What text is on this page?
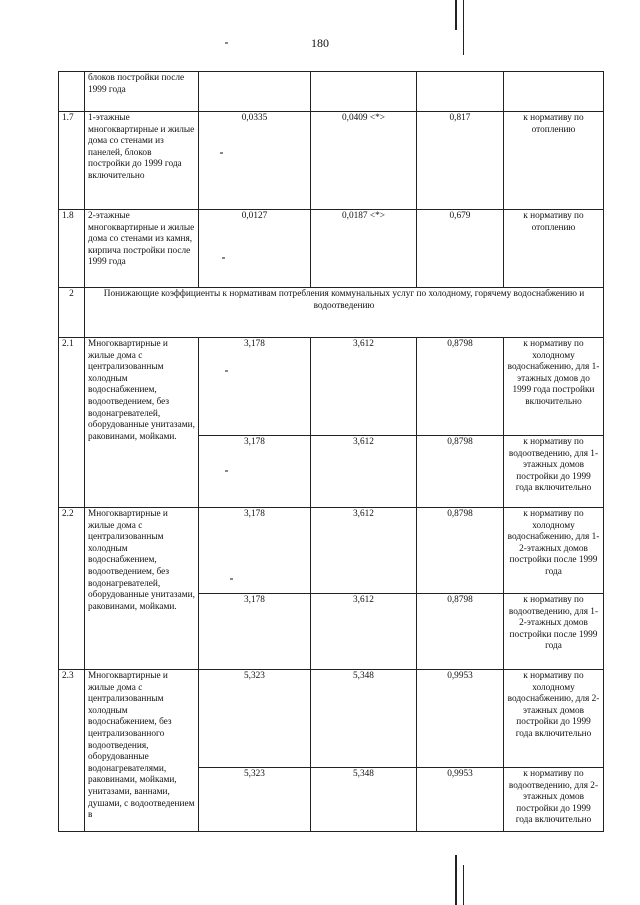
180
	блоков постройки после 1999 года				
1.7	1-этажные многоквартирные и жилые дома со стенами из панелей, блоков постройки до 1999 года включительно	0,0335	0,0409 <*>	0,817	к нормативу по отоплению
1.8	2-этажные многоквартирные и жилые дома со стенами из камня, кирпича постройки после 1999 года	0,0127	0,0187 <*>	0,679	к нормативу по отоплению
2	Понижающие коэффициенты к нормативам потребления коммунальных услуг по холодному, горячему водоснабжению и водоотведению				
2.1	Многоквартирные и жилые дома с централизованным холодным водоснабжением, водоотведением, без водонагревателей, оборудованные унитазами, раковинами, мойками.	3,178	3,612	0,8798	к нормативу по холодному водоснабжению, для 1-этажных домов до 1999 года постройки включительно
		3,178	3,612	0,8798	к нормативу по водоотведению, для 1-этажных домов постройки до 1999 года включительно
2.2	Многоквартирные и жилые дома с централизованным холодным водоснабжением, водоотведением, без водонагревателей, оборудованные унитазами, раковинами, мойками.	3,178	3,612	0,8798	к нормативу по холодному водоснабжению, для 1-2-этажных домов постройки после 1999 года
		3,178	3,612	0,8798	к нормативу по водоотведению, для 1-2-этажных домов постройки после 1999 года
2.3	Многоквартирные и жилые дома с централизованным холодным водоснабжением, без централизованного водоотведения, оборудованные водонагревателями, раковинами, мойками, унитазами, ваннами, душами, с водоотведением в	5,323	5,348	0,9953	к нормативу по холодному водоснабжению, для 2-этажных домов постройки до 1999 года включительно
		5,323	5,348	0,9953	к нормативу по водоотведению, для 2-этажных домов постройки до 1999 года включительно
